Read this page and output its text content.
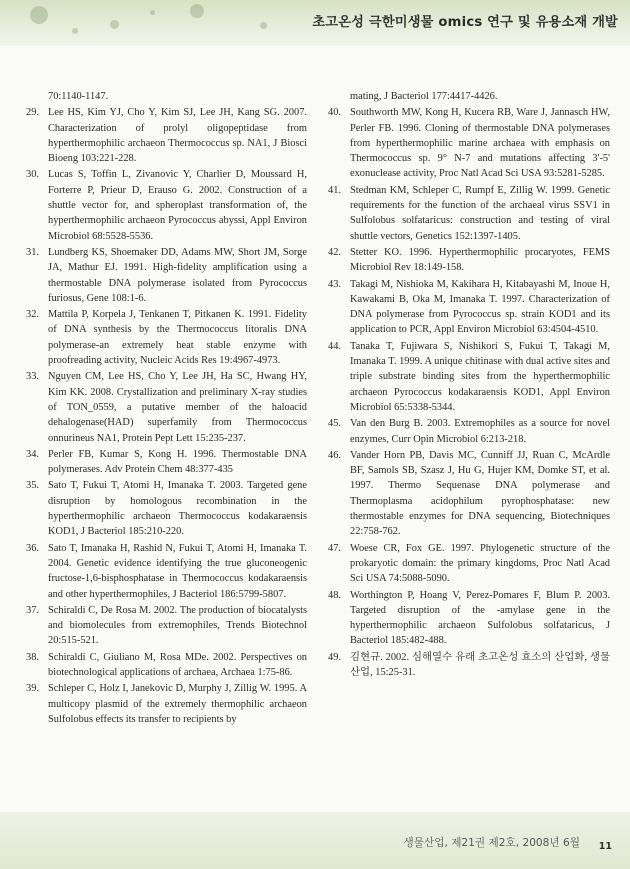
초고온성 극한미생물 omics 연구 및 유용소재 개발
70:1140-1147.
29. Lee HS, Kim YJ, Cho Y, Kim SJ, Lee JH, Kang SG. 2007. Characterization of prolyl oligopeptidase from hyperthermophilic archaeon Thermococcus sp. NA1, J Biosci Bioeng 103:221-228.
30. Lucas S, Toffin L, Zivanovic Y, Charlier D, Moussard H, Forterre P, Prieur D, Erauso G. 2002. Construction of a shuttle vector for, and spheroplast transformation of, the hyperthermophilic archaeon Pyrococcus abyssi, Appl Environ Microbiol 68:5528-5536.
31. Lundberg KS, Shoemaker DD, Adams MW, Short JM, Sorge JA, Mathur EJ. 1991. High-fidelity amplification using a thermostable DNA polymerase isolated from Pyrococcus furiosus, Gene 108:1-6.
32. Mattila P, Korpela J, Tenkanen T, Pitkanen K. 1991. Fidelity of DNA synthesis by the Thermococcus litoralis DNA polymerase-an extremely heat stable enzyme with proofreading activity, Nucleic Acids Res 19:4967-4973.
33. Nguyen CM, Lee HS, Cho Y, Lee JH, Ha SC, Hwang HY, Kim KK. 2008. Crystallization and preliminary X-ray studies of TON_0559, a putative member of the haloacid dehalogenase(HAD) superfamily from Thermococcus onnurineus NA1, Protein Pept Lett 15:235-237.
34. Perler FB, Kumar S, Kong H. 1996. Thermostable DNA polymerases. Adv Protein Chem 48:377-435
35. Sato T, Fukui T, Atomi H, Imanaka T. 2003. Targeted gene disruption by homologous recombination in the hyperthermophilic archaeon Thermococcus kodakaraensis KOD1, J Bacteriol 185:210-220.
36. Sato T, Imanaka H, Rashid N, Fukui T, Atomi H, Imanaka T. 2004. Genetic evidence identifying the true gluconeogenic fructose-1,6-bisphosphatase in Thermococcus kodakaraensis and other hyperthermophiles, J Bacteriol 186:5799-5807.
37. Schiraldi C, De Rosa M. 2002. The production of biocatalysts and biomolecules from extremophiles, Trends Biotechnol 20:515-521.
38. Schiraldi C, Giuliano M, Rosa MDe. 2002. Perspectives on biotechnological applications of archaea, Archaea 1:75-86.
39. Schleper C, Holz I, Janekovic D, Murphy J, Zillig W. 1995. A multicopy plasmid of the extremely thermophilic archaeon Sulfolobus effects its transfer to recipients by
mating, J Bacteriol 177:4417-4426.
40. Southworth MW, Kong H, Kucera RB, Ware J, Jannasch HW, Perler FB. 1996. Cloning of thermostable DNA polymerases from hyperthermophilic marine archaea with emphasis on Thermococcus sp. 9° N-7 and mutations affecting 3'-5' exonuclease activity, Proc Natl Acad Sci USA 93:5281-5285.
41. Stedman KM, Schleper C, Rumpf E, Zillig W. 1999. Genetic requirements for the function of the archaeal virus SSV1 in Sulfolobus solfataricus: construction and testing of viral shuttle vectors, Genetics 152:1397-1405.
42. Stetter KO. 1996. Hyperthermophilic procaryotes, FEMS Microbiol Rev 18:149-158.
43. Takagi M, Nishioka M, Kakihara H, Kitabayashi M, Inoue H, Kawakami B, Oka M, Imanaka T. 1997. Characterization of DNA polymerase from Pyrococcus sp. strain KOD1 and its application to PCR, Appl Environ Microbiol 63:4504-4510.
44. Tanaka T, Fujiwara S, Nishikori S, Fukui T, Takagi M, Imanaka T. 1999. A unique chitinase with dual active sites and triple substrate binding sites from the hyperthermophilic archaeon Pyrococcus kodakaraensis KOD1, Appl Environ Microbiol 65:5338-5344.
45. Van den Burg B. 2003. Extremophiles as a source for novel enzymes, Curr Opin Microbiol 6:213-218.
46. Vander Horn PB, Davis MC, Cunniff JJ, Ruan C, McArdle BF, Samols SB, Szasz J, Hu G, Hujer KM, Domke ST, et al. 1997. Thermo Sequenase DNA polymerase and Thermoplasma acidophilum pyrophosphatase: new thermostable enzymes for DNA sequencing, Biotechniques 22:758-762.
47. Woese CR, Fox GE. 1997. Phylogenetic structure of the prokaryotic domain: the primary kingdoms, Proc Natl Acad Sci USA 74:5088-5090.
48. Worthington P, Hoang V, Perez-Pomares F, Blum P. 2003. Targeted disruption of the -amylase gene in the hyperthermophilic archaeon Sulfolobus solfataricus, J Bacteriol 185:482-488.
49. 김현규. 2002. 심해열수 유래 초고온성 효소의 산업화, 생물산업, 15:25-31.
생물산업, 제21권 제2호, 2008년 6월 11
